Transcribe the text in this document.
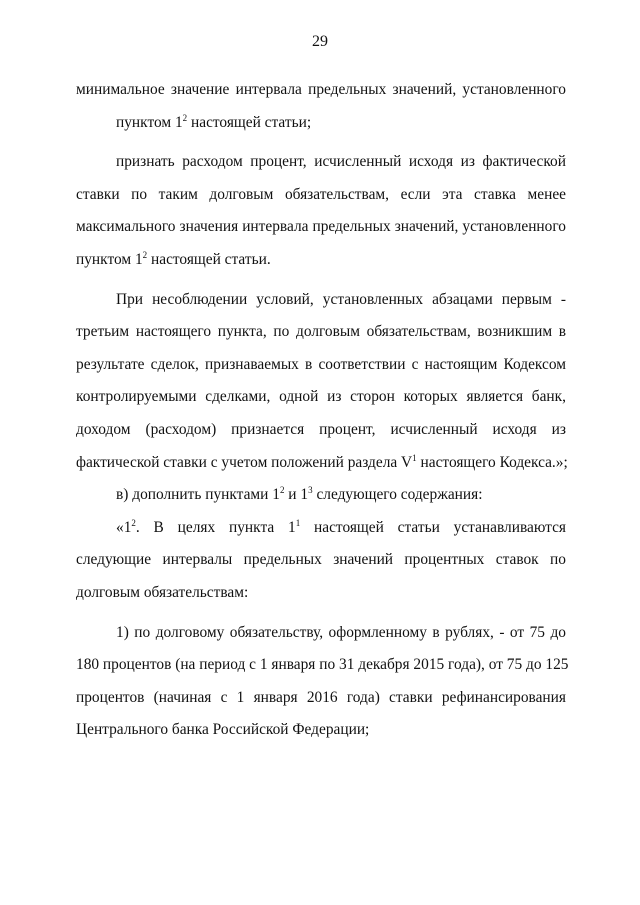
29
минимальное значение интервала предельных значений, установленного
пунктом $1^2$ настоящей статьи;
признать расходом процент, исчисленный исходя из фактической
ставки по таким долговым обязательствам, если эта ставка менее
максимального значения интервала предельных значений, установленного
пунктом $1^2$ настоящей статьи.
При несоблюдении условий, установленных абзацами первым -
третьим настоящего пункта, по долговым обязательствам, возникшим в
результате сделок, признаваемых в соответствии с настоящим Кодексом
контролируемыми сделками, одной из сторон которых является банк,
доходом (расходом) признается процент, исчисленный исходя из
фактической ставки с учетом положений раздела $V^1$ настоящего Кодекса.»;
в) дополнить пунктами $1^2$ и $1^3$ следующего содержания:
«$1^2$. В целях пункта $1^1$ настоящей статьи устанавливаются
следующие интервалы предельных значений процентных ставок по
долговым обязательствам:
1) по долговому обязательству, оформленному в рублях, - от 75 до
180 процентов (на период с 1 января по 31 декабря 2015 года), от 75 до 125
процентов (начиная с 1 января 2016 года) ставки рефинансирования
Центрального банка Российской Федерации;
